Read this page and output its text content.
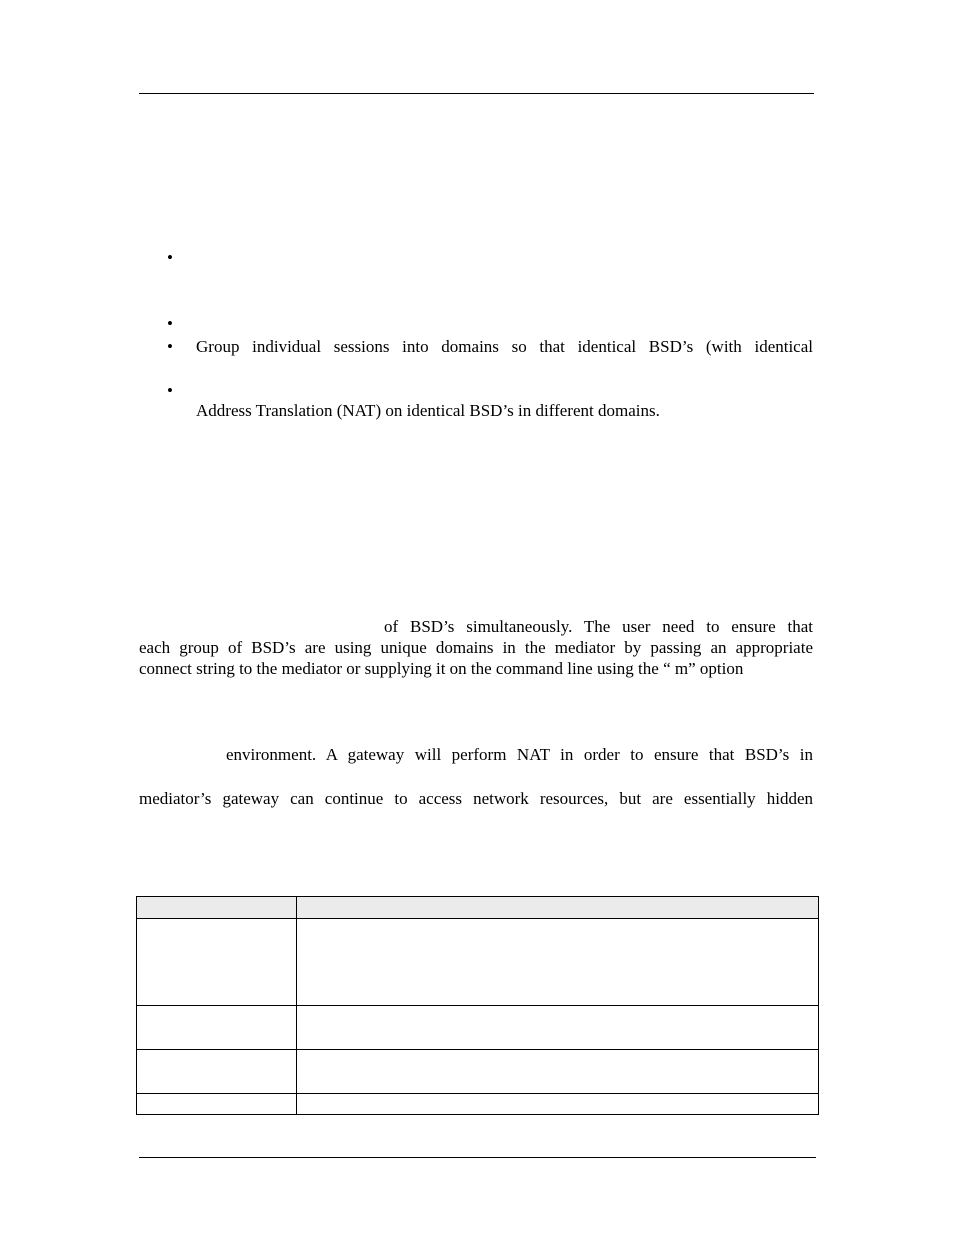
•
•
• Group individual sessions into domains so that identical BSD’s (with identical
•
Address Translation (NAT) on identical BSD’s in different domains.
of BSD’s simultaneously. The user need to ensure that
each group of BSD’s are using unique domains in the mediator by passing an appropriate
connect string to the mediator or supplying it on the command line using the “ m” option
environment. A gateway will perform NAT in order to ensure that BSD’s in
mediator’s gateway can continue to access network resources, but are essentially hidden
